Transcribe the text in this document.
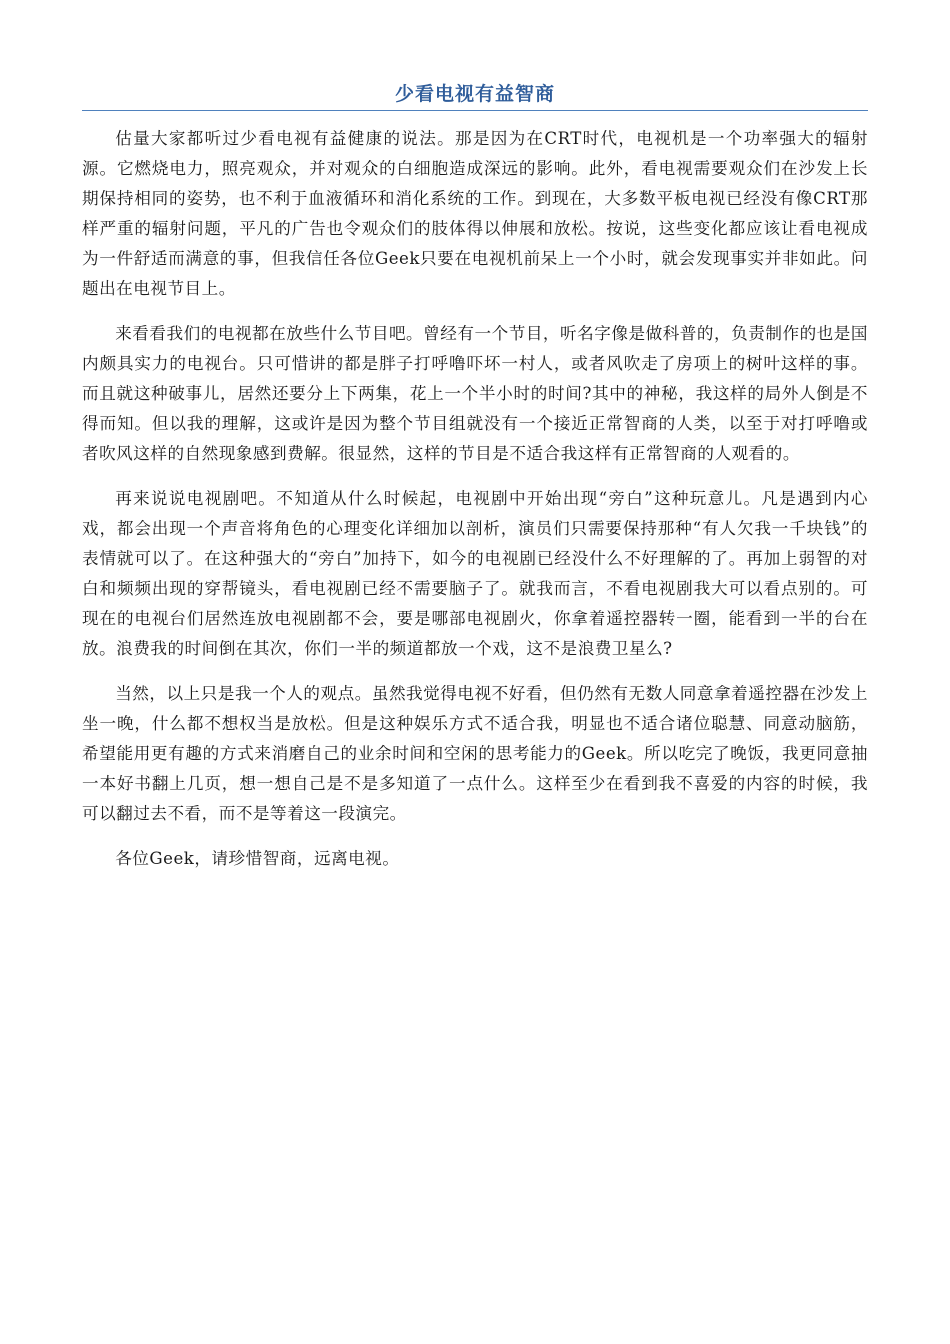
少看电视有益智商

估量大家都听过少看电视有益健康的说法。那是因为在CRT时代，电视机是一个功率强大的辐射源。它燃烧电力，照亮观众，并对观众的白细胞造成深远的影响。此外，看电视需要观众们在沙发上长期保持相同的姿势，也不利于血液循环和消化系统的工作。到现在，大多数平板电视已经没有像CRT那样严重的辐射问题，平凡的广告也令观众们的肢体得以伸展和放松。按说，这些变化都应该让看电视成为一件舒适而满意的事，但我信任各位Geek只要在电视机前呆上一个小时，就会发现事实并非如此。问题出在电视节目上。

来看看我们的电视都在放些什么节目吧。曾经有一个节目，听名字像是做科普的，负责制作的也是国内颇具实力的电视台。只可惜讲的都是胖子打呼噜吓坏一村人，或者风吹走了房项上的树叶这样的事。而且就这种破事儿，居然还要分上下两集，花上一个半小时的时间?其中的神秘，我这样的局外人倒是不得而知。但以我的理解，这或许是因为整个节目组就没有一个接近正常智商的人类，以至于对打呼噜或者吹风这样的自然现象感到费解。很显然，这样的节目是不适合我这样有正常智商的人观看的。

再来说说电视剧吧。不知道从什么时候起，电视剧中开始出现“旁白”这种玩意儿。凡是遇到内心戏，都会出现一个声音将角色的心理变化详细加以剖析，演员们只需要保持那种“有人欠我一千块钱”的表情就可以了。在这种强大的“旁白”加持下，如今的电视剧已经没什么不好理解的了。再加上弱智的对白和频频出现的穿帮镜头，看电视剧已经不需要脑子了。就我而言，不看电视剧我大可以看点别的。可现在的电视台们居然连放电视剧都不会，要是哪部电视剧火，你拿着遥控器转一圈，能看到一半的台在放。浪费我的时间倒在其次，你们一半的频道都放一个戏，这不是浪费卫星么?

当然，以上只是我一个人的观点。虽然我觉得电视不好看，但仍然有无数人同意拿着遥控器在沙发上坐一晚，什么都不想权当是放松。但是这种娱乐方式不适合我，明显也不适合诸位聪慧、同意动脑筋，希望能用更有趣的方式来消磨自己的业余时间和空闲的思考能力的Geek。所以吃完了晚饭，我更同意抽一本好书翻上几页，想一想自己是不是多知道了一点什么。这样至少在看到我不喜爱的内容的时候，我可以翻过去不看，而不是等着这一段演完。

各位Geek，请珍惜智商，远离电视。
